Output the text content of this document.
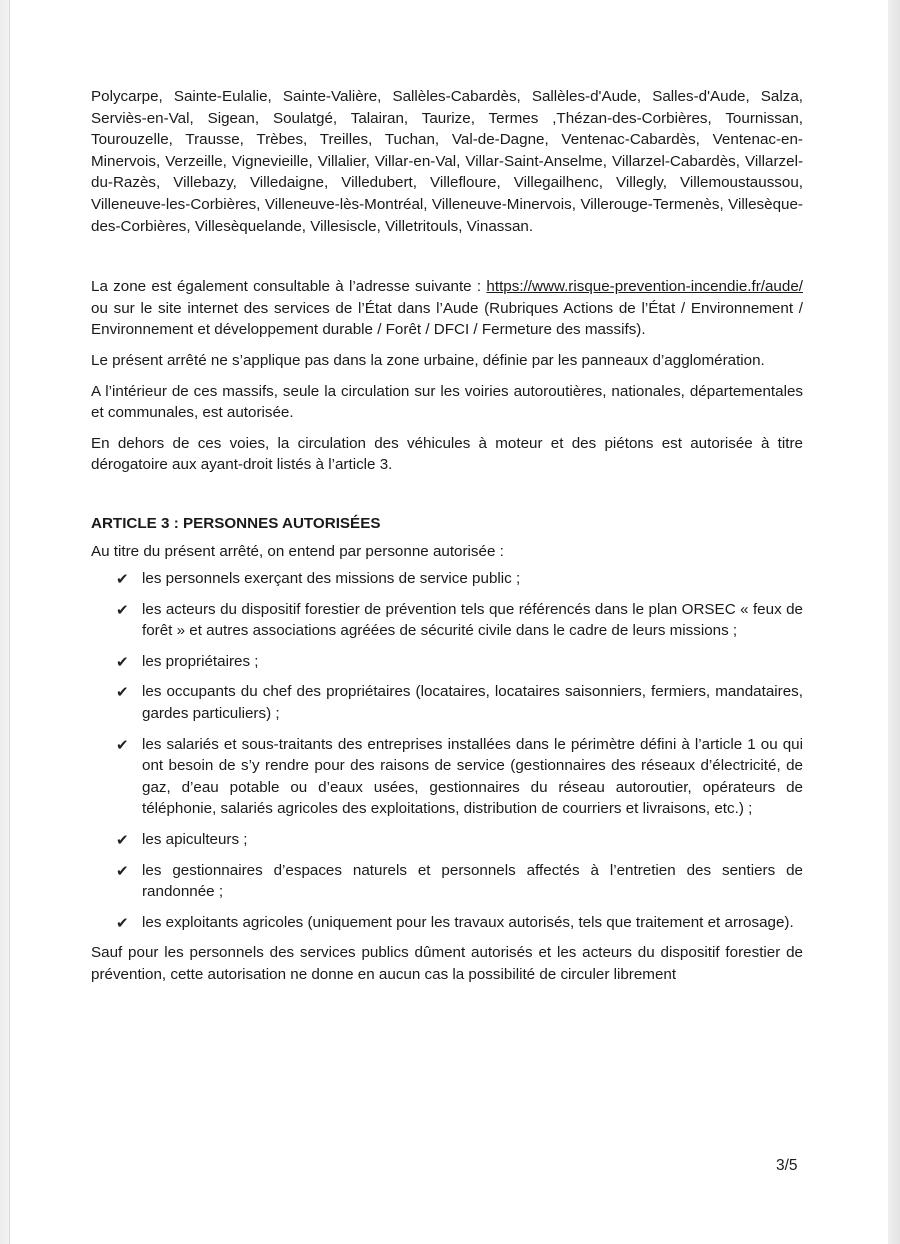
Polycarpe, Sainte-Eulalie, Sainte-Valière, Sallèles-Cabardès, Sallèles-d'Aude, Salles-d'Aude, Salza, Serviès-en-Val, Sigean, Soulatgé, Talairan, Taurize, Termes ,Thézan-des-Corbières, Tournissan, Tourouzelle, Trausse, Trèbes, Treilles, Tuchan, Val-de-Dagne, Ventenac-Cabardès, Ventenac-en-Minervois, Verzeille, Vignevieille, Villalier, Villar-en-Val, Villar-Saint-Anselme, Villarzel-Cabardès, Villarzel-du-Razès, Villebazy, Villedaigne, Villedubert, Villefloure, Villegailhenc, Villegly, Villemoustaussou, Villeneuve-les-Corbières, Villeneuve-lès-Montréal, Villeneuve-Minervois, Villerouge-Termenès, Villesèque-des-Corbières, Villesèquelande, Villesiscle, Villetritouls, Vinassan.

La zone est également consultable à l’adresse suivante : https://www.risque-prevention-incendie.fr/aude/ ou sur le site internet des services de l’État dans l’Aude (Rubriques Actions de l’État / Environnement / Environnement et développement durable / Forêt / DFCI / Fermeture des massifs).

Le présent arrêté ne s’applique pas dans la zone urbaine, définie par les panneaux d’agglomération.

A l’intérieur de ces massifs, seule la circulation sur les voiries autoroutières, nationales, départementales et communales, est autorisée.

En dehors de ces voies, la circulation des véhicules à moteur et des piétons est autorisée à titre dérogatoire aux ayant-droit listés à l’article 3.

ARTICLE 3 : PERSONNES AUTORISÉES

Au titre du présent arrêté, on entend par personne autorisée :

✔ les personnels exerçant des missions de service public ;
✔ les acteurs du dispositif forestier de prévention tels que référencés dans le plan ORSEC « feux de forêt » et autres associations agréées de sécurité civile dans le cadre de leurs missions ;
✔ les propriétaires ;
✔ les occupants du chef des propriétaires (locataires, locataires saisonniers, fermiers, mandataires, gardes particuliers) ;
✔ les salariés et sous-traitants des entreprises installées dans le périmètre défini à l’article 1 ou qui ont besoin de s’y rendre pour des raisons de service (gestionnaires des réseaux d’électricité, de gaz, d’eau potable ou d’eaux usées, gestionnaires du réseau autoroutier, opérateurs de téléphonie, salariés agricoles des exploitations, distribution de courriers et livraisons, etc.) ;
✔ les apiculteurs ;
✔ les gestionnaires d’espaces naturels et personnels affectés à l’entretien des sentiers de randonnée ;
✔ les exploitants agricoles (uniquement pour les travaux autorisés, tels que traitement et arrosage).

Sauf pour les personnels des services publics dûment autorisés et les acteurs du dispositif forestier de prévention, cette autorisation ne donne en aucun cas la possibilité de circuler librement

3/5
